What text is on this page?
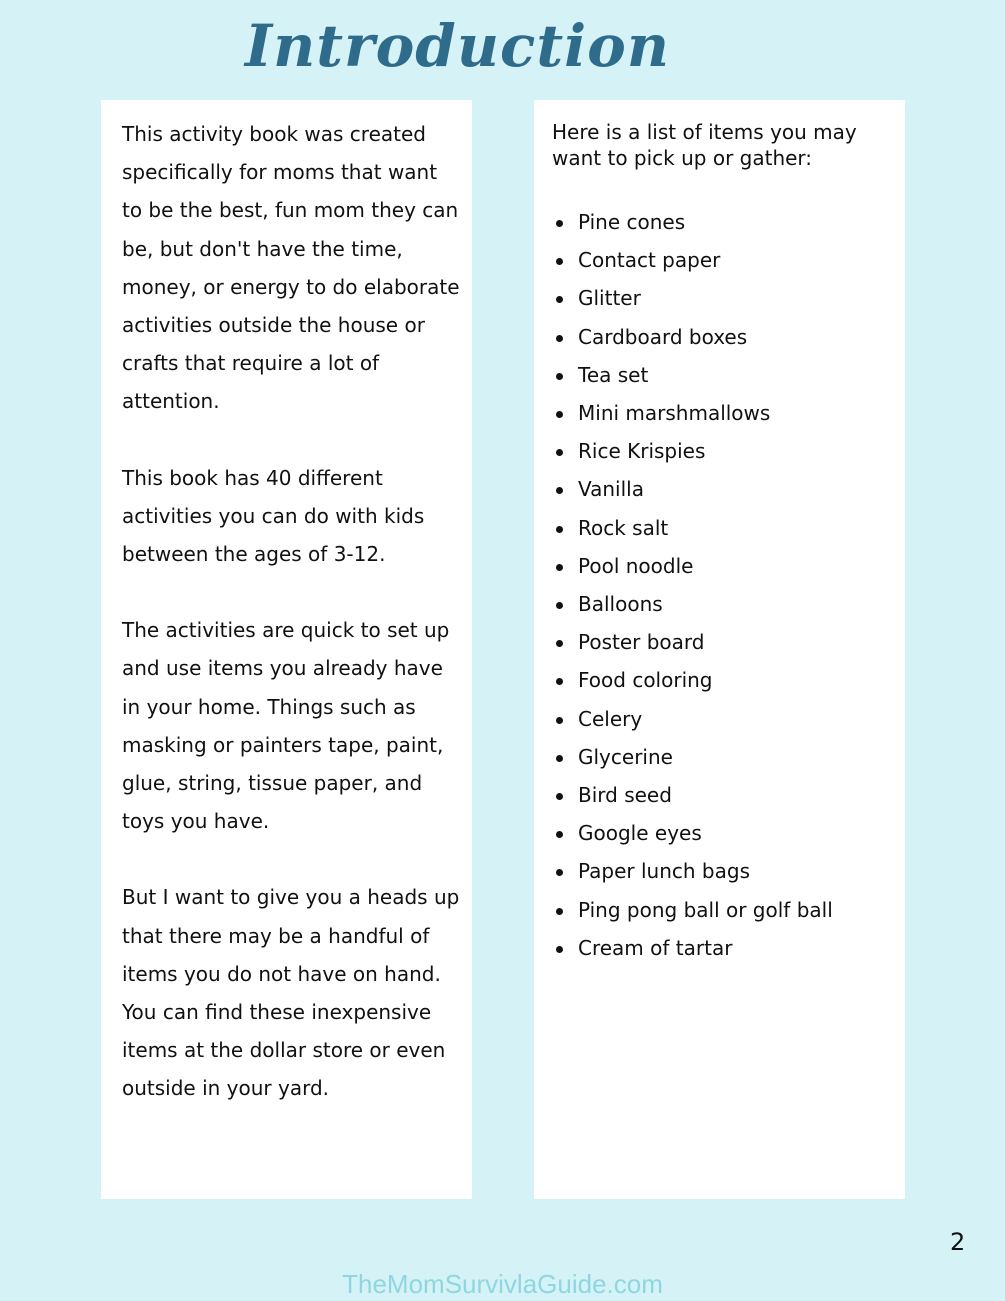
Introduction

This activity book was created specifically for moms that want to be the best, fun mom they can be, but don't have the time, money, or energy to do elaborate activities outside the house or crafts that require a lot of attention.

This book has 40 different activities you can do with kids between the ages of 3-12.

The activities are quick to set up and use items you already have in your home. Things such as masking or painters tape, paint, glue, string, tissue paper, and toys you have.

But I want to give you a heads up that there may be a handful of items you do not have on hand. You can find these inexpensive items at the dollar store or even outside in your yard.

Here is a list of items you may want to pick up or gather:

Pine cones
Contact paper
Glitter
Cardboard boxes
Tea set
Mini marshmallows
Rice Krispies
Vanilla
Rock salt
Pool noodle
Balloons
Poster board
Food coloring
Celery
Glycerine
Bird seed
Google eyes
Paper lunch bags
Ping pong ball or golf ball
Cream of tartar
2
TheMomSurvivlaGuide.com
